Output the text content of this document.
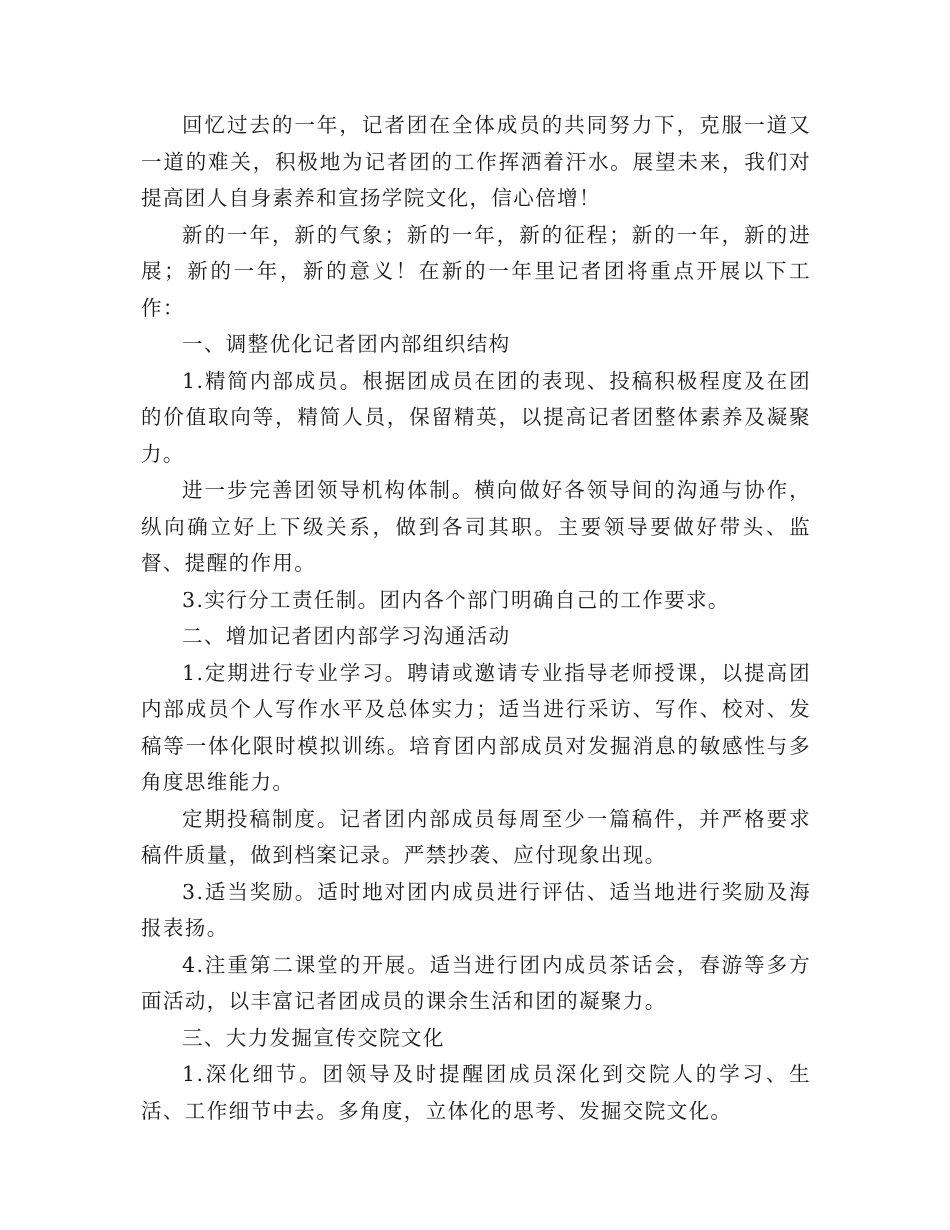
回忆过去的一年，记者团在全体成员的共同努力下，克服一道又一道的难关，积极地为记者团的工作挥洒着汗水。展望未来，我们对提高团人自身素养和宣扬学院文化，信心倍增！

新的一年，新的气象；新的一年，新的征程；新的一年，新的进展；新的一年，新的意义！在新的一年里记者团将重点开展以下工作：

一、调整优化记者团内部组织结构

1.精简内部成员。根据团成员在团的表现、投稿积极程度及在团的价值取向等，精简人员，保留精英，以提高记者团整体素养及凝聚力。

进一步完善团领导机构体制。横向做好各领导间的沟通与协作，纵向确立好上下级关系，做到各司其职。主要领导要做好带头、监督、提醒的作用。

3.实行分工责任制。团内各个部门明确自己的工作要求。

二、增加记者团内部学习沟通活动

1.定期进行专业学习。聘请或邀请专业指导老师授课，以提高团内部成员个人写作水平及总体实力；适当进行采访、写作、校对、发稿等一体化限时模拟训练。培育团内部成员对发掘消息的敏感性与多角度思维能力。

定期投稿制度。记者团内部成员每周至少一篇稿件，并严格要求稿件质量，做到档案记录。严禁抄袭、应付现象出现。

3.适当奖励。适时地对团内成员进行评估、适当地进行奖励及海报表扬。

4.注重第二课堂的开展。适当进行团内成员茶话会，春游等多方面活动，以丰富记者团成员的课余生活和团的凝聚力。

三、大力发掘宣传交院文化

1.深化细节。团领导及时提醒团成员深化到交院人的学习、生活、工作细节中去。多角度，立体化的思考、发掘交院文化。
